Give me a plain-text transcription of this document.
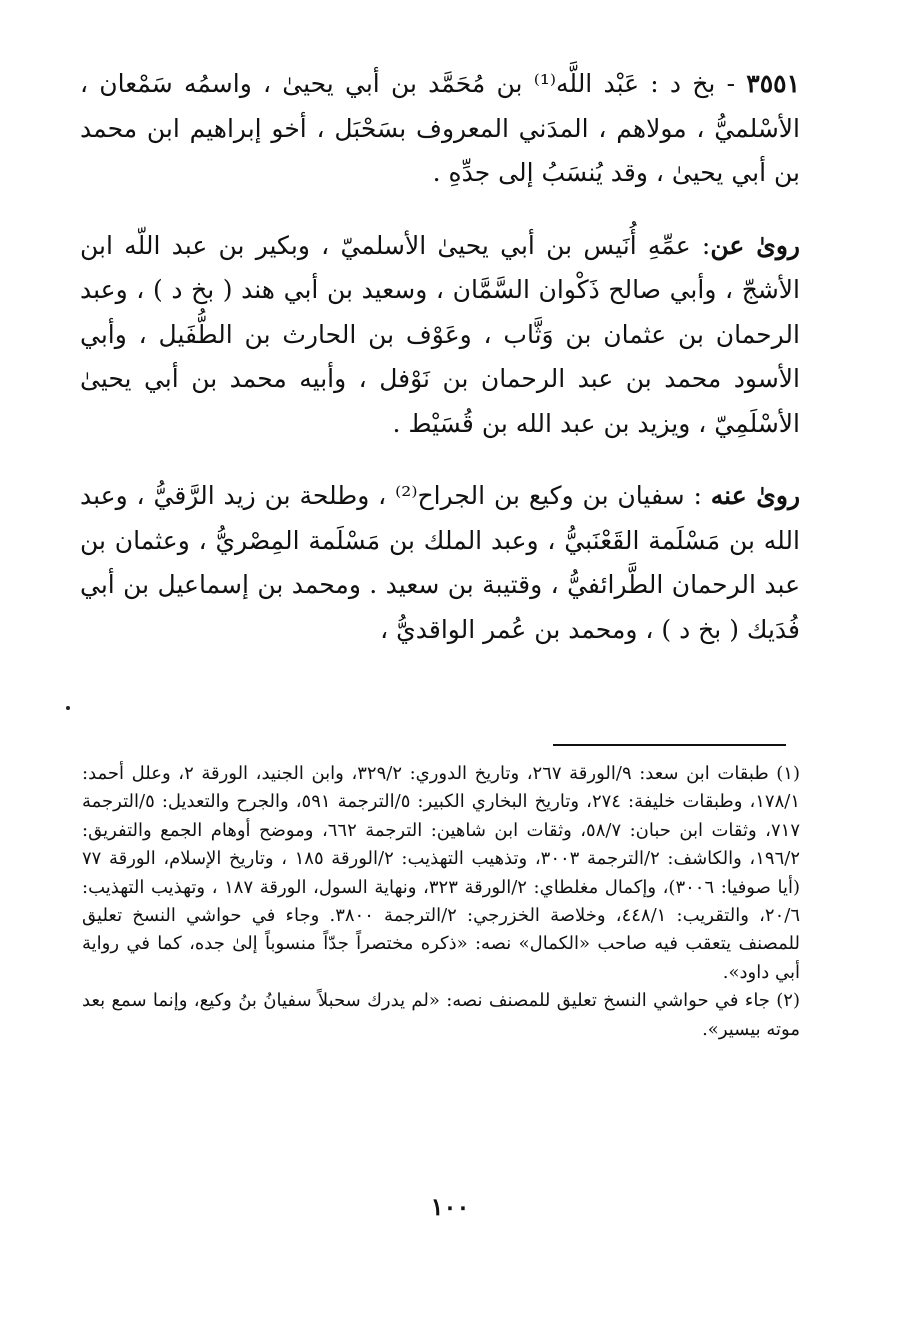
٣٥٥١ - بخ د : عَبْد اللَّه⁽¹⁾ بن مُحَمَّد بن أبي يحيىٰ ، واسمُه سَمْعان ، الأسْلميُّ ، مولاهم ، المدَني المعروف بسَحْبَل ، أخو إبراهيم ابن محمد بن أبي يحيىٰ ، وقد يُنسَبُ إلى جدِّهِ .

روىٰ عن: عمِّهِ أُنَيس بن أبي يحيىٰ الأسلميّ ، وبكير بن عبد اللّه ابن الأشجّ ، وأبي صالح ذَكْوان السَّمَّان ، وسعيد بن أبي هند ( بخ د ) ، وعبد الرحمان بن عثمان بن وَثَّاب ، وعَوْف بن الحارث بن الطُّفَيل ، وأبي الأسود محمد بن عبد الرحمان بن نَوْفل ، وأبيه محمد بن أبي يحيىٰ الأسْلَمِيّ ، ويزيد بن عبد الله بن قُسَيْط .

روىٰ عنه : سفيان بن وكيع بن الجراح⁽²⁾ ، وطلحة بن زيد الرَّقيُّ ، وعبد الله بن مَسْلَمة القَعْنَبيُّ ، وعبد الملك بن مَسْلَمة المِصْريُّ ، وعثمان بن عبد الرحمان الطَّرائفيُّ ، وقتيبة بن سعيد . ومحمد بن إسماعيل بن أبي فُدَيك ( بخ د ) ، ومحمد بن عُمر الواقديُّ ،

(١) طبقات ابن سعد: ٩/الورقة ٢٦٧، وتاريخ الدوري: ٣٢٩/٢، وابن الجنيد، الورقة ٢، وعلل أحمد: ١٧٨/١، وطبقات خليفة: ٢٧٤، وتاريخ البخاري الكبير: ٥/الترجمة ٥٩١، والجرح والتعديل: ٥/الترجمة ٧١٧، وثقات ابن حبان: ٥٨/٧، وثقات ابن شاهين: الترجمة ٦٦٢، وموضح أوهام الجمع والتفريق: ١٩٦/٢، والكاشف: ٢/الترجمة ٣٠٠٣، وتذهيب التهذيب: ٢/الورقة ١٨٥ ، وتاريخ الإسلام، الورقة ٧٧ (أيا صوفيا: ٣٠٠٦)، وإكمال مغلطاي: ٢/الورقة ٣٢٣، ونهاية السول، الورقة ١٨٧ ، وتهذيب التهذيب: ٢٠/٦، والتقريب: ٤٤٨/١، وخلاصة الخزرجي: ٢/الترجمة ٣٨٠٠. وجاء في حواشي النسخ تعليق للمصنف يتعقب فيه صاحب «الكمال» نصه: «ذكره مختصراً جدّاً منسوباً إلىٰ جده، كما في رواية أبي داود».

(٢) جاء في حواشي النسخ تعليق للمصنف نصه: «لم يدرك سحبلاً سفيانُ بنُ وكيع، وإنما سمع بعد موته بيسير».

١٠٠
